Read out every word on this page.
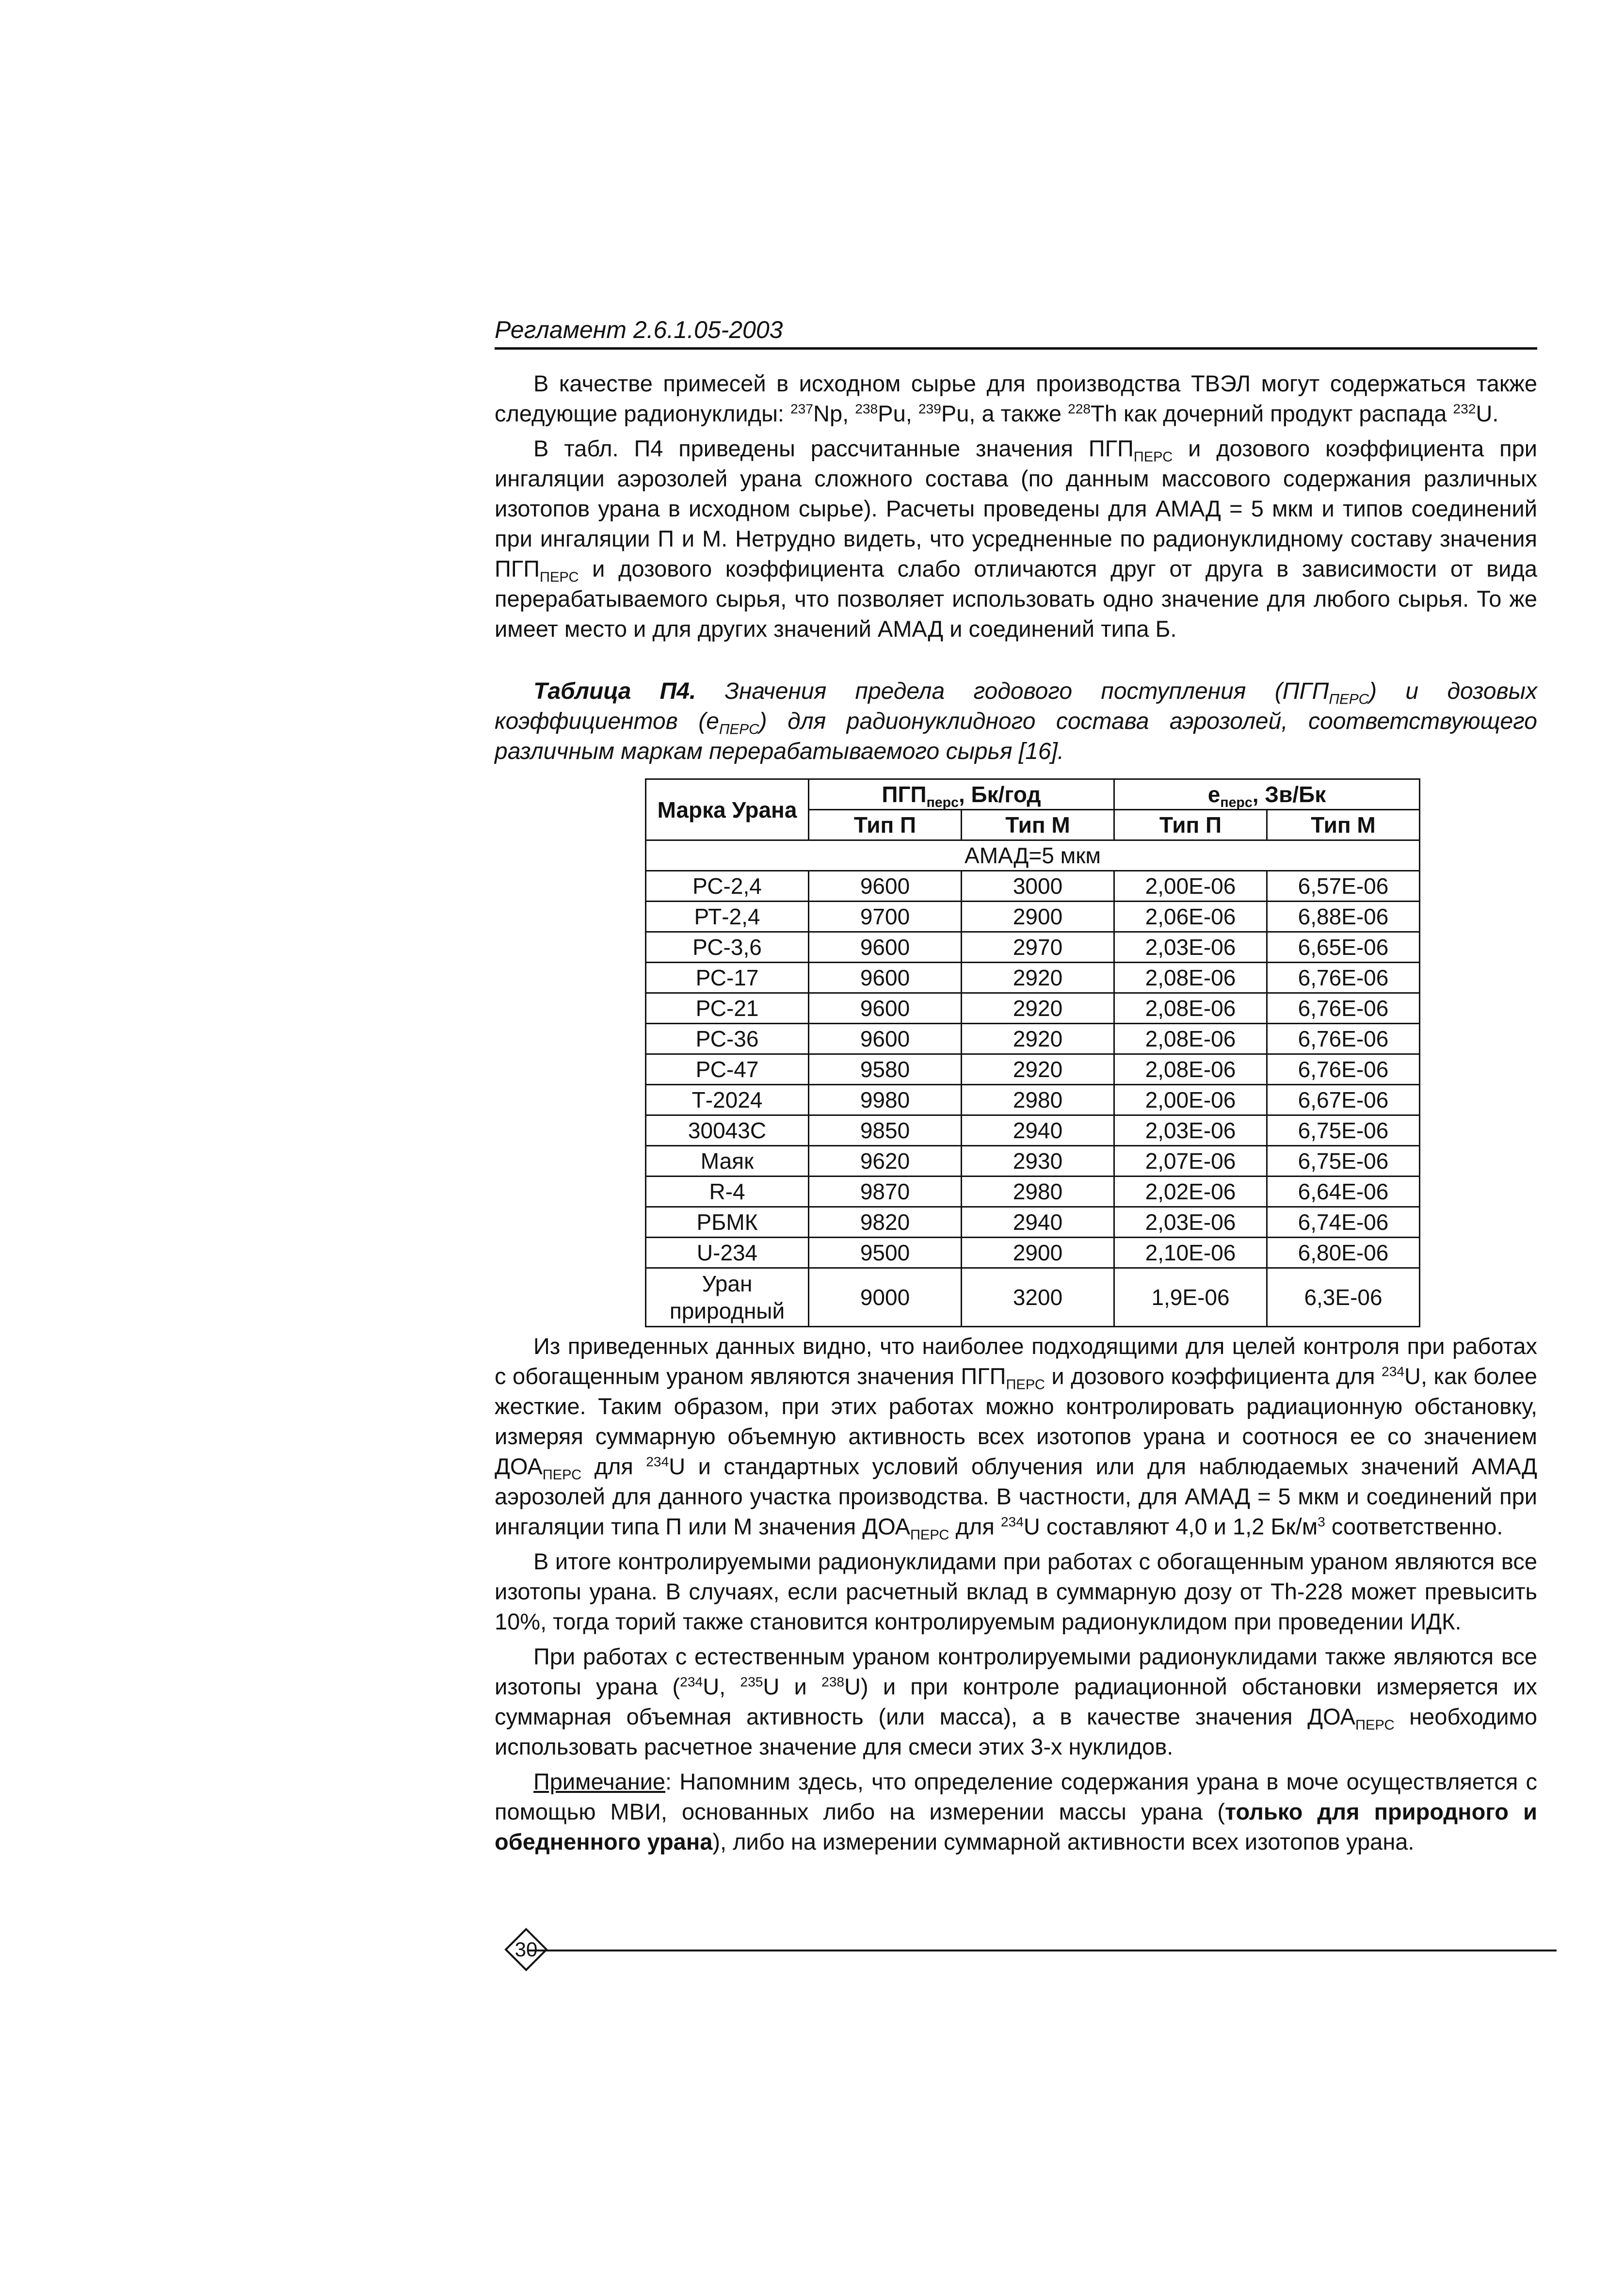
Регламент 2.6.1.05-2003

В качестве примесей в исходном сырье для производства ТВЭЛ могут содержаться также следующие радионуклиды: $^{237}$Np, $^{238}$Pu, $^{239}$Pu, а также $^{228}$Th как дочерний продукт распада $^{232}$U.

В табл. П4 приведены рассчитанные значения $ПГП_{ПЕРС}$ и дозового коэффициента при ингаляции аэрозолей урана сложного состава (по данным массового содержания различных изотопов урана в исходном сырье). Расчеты проведены для АМАД = 5 мкм и типов соединений при ингаляции П и М. Нетрудно видеть, что усредненные по радионуклидному составу значения $ПГП_{ПЕРС}$ и дозового коэффициента слабо отличаются друг от друга в зависимости от вида перерабатываемого сырья, что позволяет использовать одно значение для любого сырья. То же имеет место и для других значений АМАД и соединений типа Б.

Таблица П4. Значения предела годового поступления $(ПГП_{ПЕРС})$ и дозовых коэффициентов $(е_{ПЕРС})$ для радионуклидного состава аэрозолей, соответствующего различным маркам перерабатываемого сырья [16].
Марка Урана	$ПГП_{перс}$, Бк/год		$е_{перс}$, Зв/Бк	
	Тип П	Тип М	Тип П	Тип М
АМАД=5 мкм				
РС-2,4	9600	3000	2,00Е-06	6,57Е-06
РТ-2,4	9700	2900	2,06Е-06	6,88Е-06
РС-3,6	9600	2970	2,03Е-06	6,65Е-06
РС-17	9600	2920	2,08Е-06	6,76Е-06
РС-21	9600	2920	2,08Е-06	6,76Е-06
РС-36	9600	2920	2,08Е-06	6,76Е-06
РС-47	9580	2920	2,08Е-06	6,76Е-06
Т-2024	9980	2980	2,00Е-06	6,67Е-06
30043С	9850	2940	2,03Е-06	6,75Е-06
Маяк	9620	2930	2,07Е-06	6,75Е-06
R-4	9870	2980	2,02Е-06	6,64Е-06
РБМК	9820	2940	2,03Е-06	6,74Е-06
U-234	9500	2900	2,10Е-06	6,80Е-06
Уран природный	9000	3200	1,9Е-06	6,3Е-06

Из приведенных данных видно, что наиболее подходящими для целей контроля при работах с обогащенным ураном являются значения $ПГП_{ПЕРС}$ и дозового коэффициента для $^{234}$U, как более жесткие. Таким образом, при этих работах можно контролировать радиационную обстановку, измеряя суммарную объемную активность всех изотопов урана и соотнося ее со значением $ДОА_{ПЕРС}$ для $^{234}$U и стандартных условий облучения или для наблюдаемых значений АМАД аэрозолей для данного участка производства. В частности, для АМАД = 5 мкм и соединений при ингаляции типа П или М значения $ДОА_{ПЕРС}$ для $^{234}$U составляют 4,0 и 1,2 $Бк/м^3$ соответственно.

В итоге контролируемыми радионуклидами при работах с обогащенным ураном являются все изотопы урана. В случаях, если расчетный вклад в суммарную дозу от Th-228 может превысить 10%, тогда торий также становится контролируемым радионуклидом при проведении ИДК.

При работах с естественным ураном контролируемыми радионуклидами также являются все изотопы урана ($^{234}$U, $^{235}$U и $^{238}$U) и при контроле радиационной обстановки измеряется их суммарная объемная активность (или масса), а в качестве значения $ДОА_{ПЕРС}$ необходимо использовать расчетное значение для смеси этих 3-х нуклидов.

Примечание: Напомним здесь, что определение содержания урана в моче осуществляется с помощью МВИ, основанных либо на измерении массы урана (только для природного и обедненного урана), либо на измерении суммарной активности всех изотопов урана.

30
